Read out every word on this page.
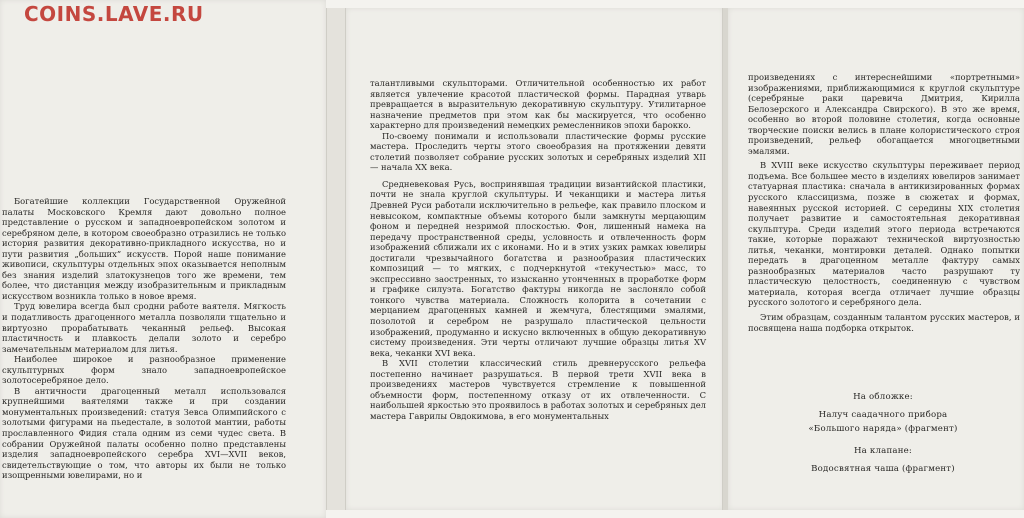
Богатейшие коллекции Государственной Оружейной палаты Московского Кремля дают довольно полное представление о русском и западноевропейском золотом и серебряном деле, в котором своеобразно отразились не только история развития декоративно-прикладного искусства, но и пути развития „больших” искусств. Порой наше понимание живописи, скульптуры отдельных эпох оказывается неполным без знания изделий златокузнецов того же времени, тем более, что дистанция между изобразительным и прикладным искусством возникла только в новое время.

Труд ювелира всегда был сродни работе ваятеля. Мягкость и податливость драгоценного металла позволяли тщательно и виртуозно прорабатывать чеканный рельеф. Высокая пластичность и плавкость делали золото и серебро замечательным материалом для литья.

Наиболее широкое и разнообразное применение скульптурных форм знало западноевропейское золотосеребряное дело.

В античности драгоценный металл использовался крупнейшими ваятелями также и при создании монументальных произведений: статуя Зевса Олимпийского с золотыми фигурами на пьедестале, в золотой мантии, работы прославленного Фидия стала одним из семи чудес света. В собрании Оружейной палаты особенно полно представлены изделия западноевропейского серебра XVI—XVII веков, свидетельствующие о том, что авторы их были не только изощренными ювелирами, но и

талантливыми скульпторами. Отличительной особенностью их работ является увлечение красотой пластической формы. Парадная утварь превращается в выразительную декоративную скульптуру. Утилитарное назначение предметов при этом как бы маскируется, что особенно характерно для произведений немецких ремесленников эпохи барокко.

По-своему понимали и использовали пластические формы русские мастера. Проследить черты этого своеобразия на протяжении девяти столетий позволяет собрание русских золотых и серебряных изделий XII — начала XX века.

Средневековая Русь, воспринявшая традиции византийской пластики, почти не знала круглой скульптуры. И чеканщики и мастера литья Древней Руси работали исключительно в рельефе, как правило плоском и невысоком, компактные объемы которого были замкнуты мерцающим фоном и передней незримой плоскостью. Фон, лишенный намека на передачу пространственной среды, условность и отвлеченность форм изображений сближали их с иконами. Но и в этих узких рамках ювелиры достигали чрезвычайного богатства и разнообразия пластических композиций — то мягких, с подчеркнутой «текучестью» масс, то экспрессивно заостренных, то изысканно утонченных в проработке форм и графике силуэта. Богатство фактуры никогда не заслоняло собой тонкого чувства материала. Сложность колорита в сочетании с мерцанием драгоценных камней и жемчуга, блестящими эмалями, позолотой и серебром не разрушало пластической цельности изображений, продуманно и искусно включенных в общую декоративную систему произведения. Эти черты отличают лучшие образцы литья XV века, чеканки XVI века.

В XVII столетии классический стиль древнерусского рельефа постепенно начинает разрушаться. В первой трети XVII века в произведениях мастеров чувствуется стремление к повышенной объемности форм, постепенному отказу от их отвлеченности. С наибольшей яркостью это проявилось в работах золотых и серебряных дел мастера Гаврилы Овдокимова, в его монументальных

произведениях с интереснейшими «портретными» изображениями, приближающимися к круглой скульптуре (серебряные раки царевича Дмитрия, Кирилла Белозерского и Александра Свирского). В это же время, особенно во второй половине столетия, когда основные творческие поиски велись в плане колористического строя произведений, рельеф обогащается многоцветными эмалями.

В XVIII веке искусство скульптуры переживает период подъема. Все большее место в изделиях ювелиров занимает статуарная пластика: сначала в антикизированных формах русского классицизма, позже в сюжетах и формах, навеянных русской историей. С середины XIX столетия получает развитие и самостоятельная декоративная скульптура. Среди изделий этого периода встречаются такие, которые поражают технической виртуозностью литья, чеканки, монтировки деталей. Однако попытки передать в драгоценном металле фактуру самых разнообразных материалов часто разрушают ту пластическую целостность, соединенную с чувством материала, которая всегда отличает лучшие образцы русского золотого и серебряного дела.

Этим образцам, созданным талантом русских мастеров, и посвящена наша подборка открыток.

На обложке:
Налуч саадачного прибора
«Большого наряда» (фрагмент)
На клапане:
Водосвятная чаша (фрагмент)
COINS.LAVE.RU
